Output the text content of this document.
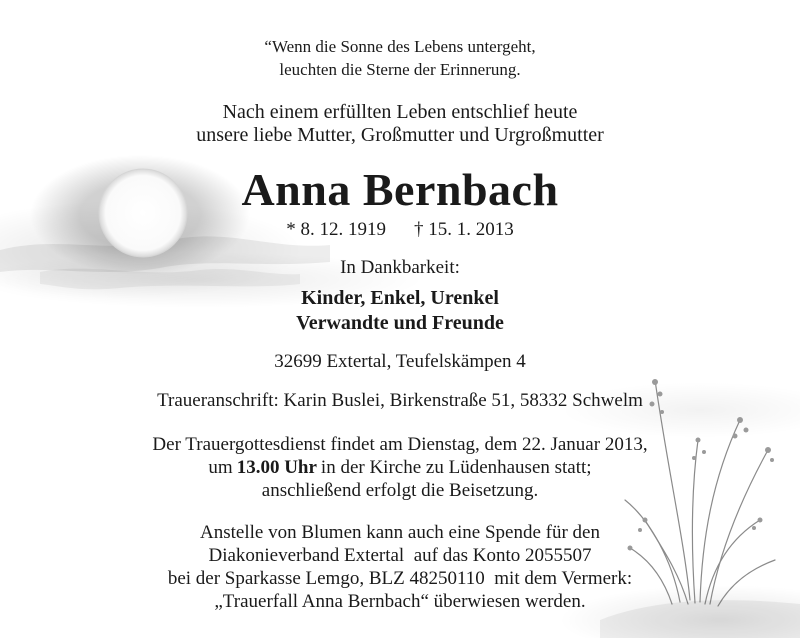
“Wenn die Sonne des Lebens untergeht,

leuchten die Sterne der Erinnerung.

Nach einem erfüllten Leben entschlief heute

unsere liebe Mutter, Großmutter und Urgroßmutter

Anna Bernbach

* 8. 12. 1919 † 15. 1. 2013

In Dankbarkeit:

Kinder, Enkel, Urenkel

Verwandte und Freunde

32699 Extertal, Teufelskämpen 4

Traueranschrift: Karin Buslei, Birkenstraße 51, 58332 Schwelm

Der Trauergottesdienst findet am Dienstag, dem 22. Januar 2013,

um 13.00 Uhr in der Kirche zu Lüdenhausen statt;

anschließend erfolgt die Beisetzung.

Anstelle von Blumen kann auch eine Spende für den

Diakonieverband Extertal  auf das Konto 2055507

bei der Sparkasse Lemgo, BLZ 48250110  mit dem Vermerk:

„Trauerfall Anna Bernbach“ überwiesen werden.
